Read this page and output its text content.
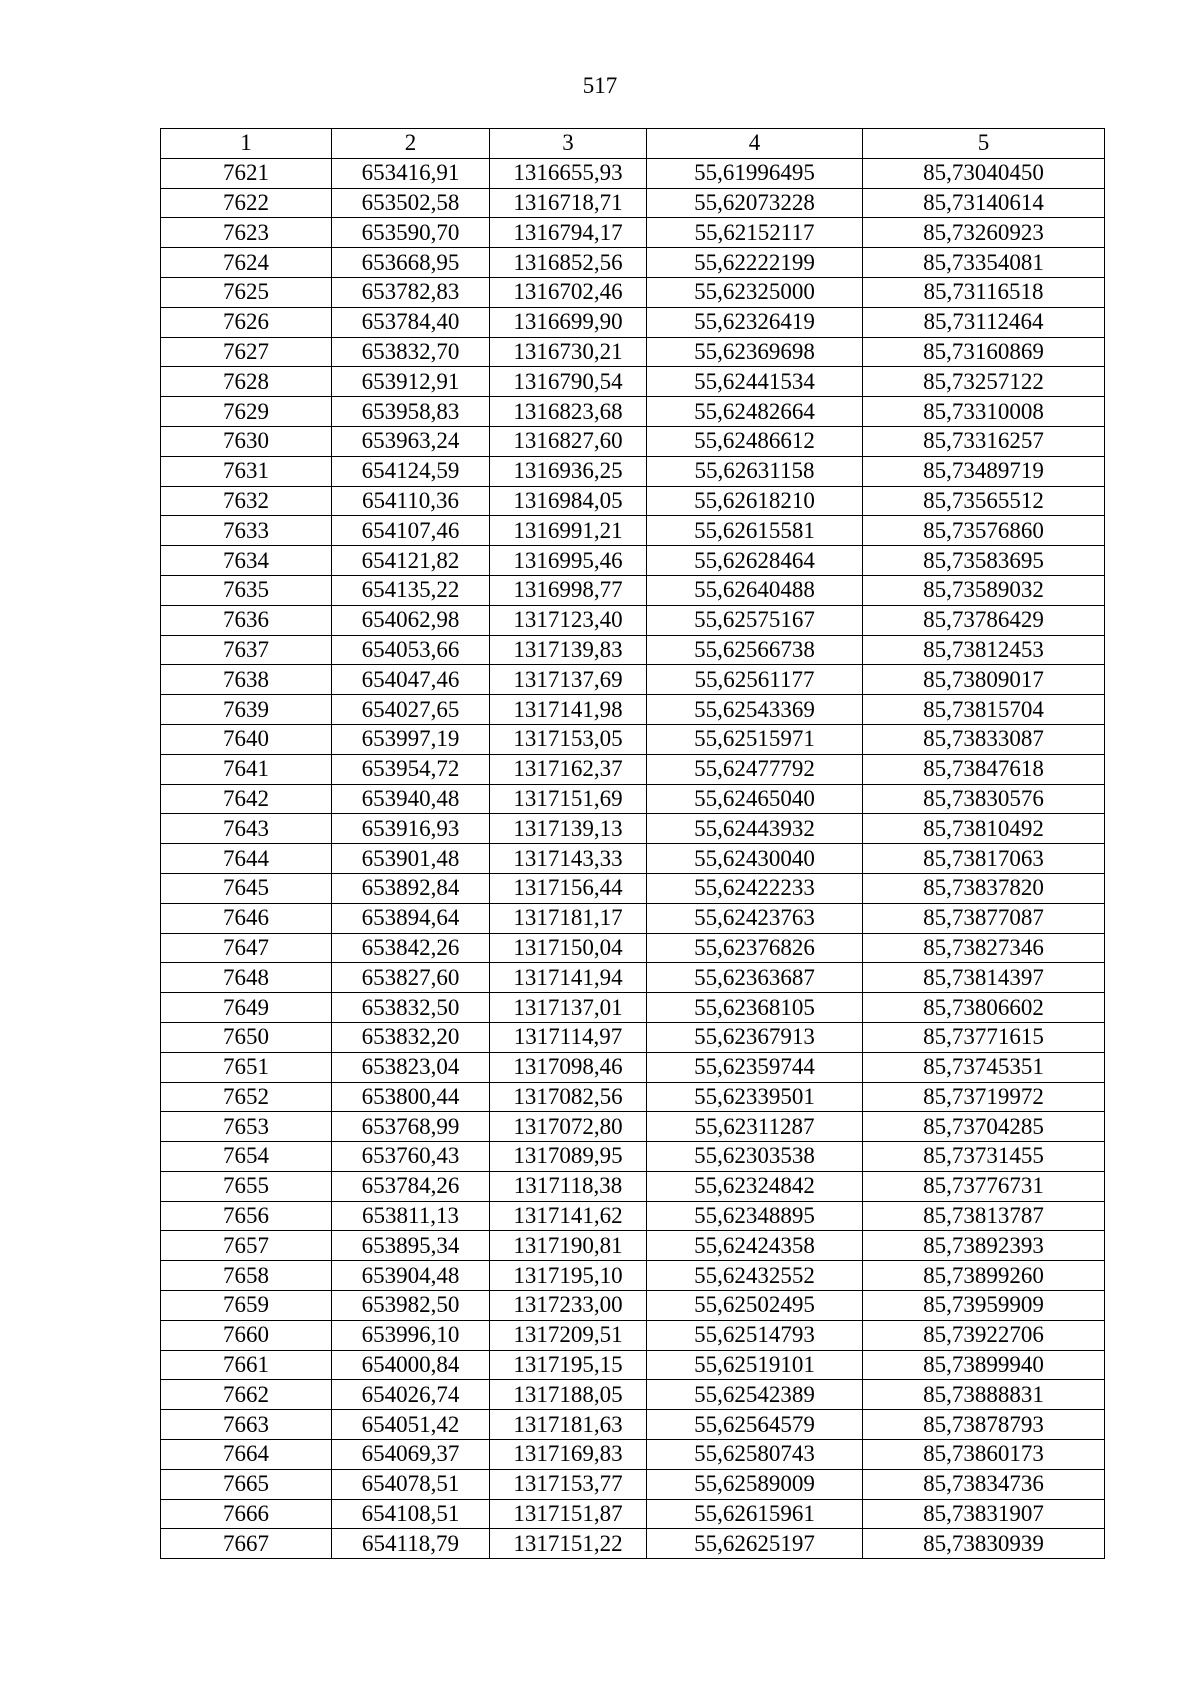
517
1	2	3	4	5
7621	653416,91	1316655,93	55,61996495	85,73040450
7622	653502,58	1316718,71	55,62073228	85,73140614
7623	653590,70	1316794,17	55,62152117	85,73260923
7624	653668,95	1316852,56	55,62222199	85,73354081
7625	653782,83	1316702,46	55,62325000	85,73116518
7626	653784,40	1316699,90	55,62326419	85,73112464
7627	653832,70	1316730,21	55,62369698	85,73160869
7628	653912,91	1316790,54	55,62441534	85,73257122
7629	653958,83	1316823,68	55,62482664	85,73310008
7630	653963,24	1316827,60	55,62486612	85,73316257
7631	654124,59	1316936,25	55,62631158	85,73489719
7632	654110,36	1316984,05	55,62618210	85,73565512
7633	654107,46	1316991,21	55,62615581	85,73576860
7634	654121,82	1316995,46	55,62628464	85,73583695
7635	654135,22	1316998,77	55,62640488	85,73589032
7636	654062,98	1317123,40	55,62575167	85,73786429
7637	654053,66	1317139,83	55,62566738	85,73812453
7638	654047,46	1317137,69	55,62561177	85,73809017
7639	654027,65	1317141,98	55,62543369	85,73815704
7640	653997,19	1317153,05	55,62515971	85,73833087
7641	653954,72	1317162,37	55,62477792	85,73847618
7642	653940,48	1317151,69	55,62465040	85,73830576
7643	653916,93	1317139,13	55,62443932	85,73810492
7644	653901,48	1317143,33	55,62430040	85,73817063
7645	653892,84	1317156,44	55,62422233	85,73837820
7646	653894,64	1317181,17	55,62423763	85,73877087
7647	653842,26	1317150,04	55,62376826	85,73827346
7648	653827,60	1317141,94	55,62363687	85,73814397
7649	653832,50	1317137,01	55,62368105	85,73806602
7650	653832,20	1317114,97	55,62367913	85,73771615
7651	653823,04	1317098,46	55,62359744	85,73745351
7652	653800,44	1317082,56	55,62339501	85,73719972
7653	653768,99	1317072,80	55,62311287	85,73704285
7654	653760,43	1317089,95	55,62303538	85,73731455
7655	653784,26	1317118,38	55,62324842	85,73776731
7656	653811,13	1317141,62	55,62348895	85,73813787
7657	653895,34	1317190,81	55,62424358	85,73892393
7658	653904,48	1317195,10	55,62432552	85,73899260
7659	653982,50	1317233,00	55,62502495	85,73959909
7660	653996,10	1317209,51	55,62514793	85,73922706
7661	654000,84	1317195,15	55,62519101	85,73899940
7662	654026,74	1317188,05	55,62542389	85,73888831
7663	654051,42	1317181,63	55,62564579	85,73878793
7664	654069,37	1317169,83	55,62580743	85,73860173
7665	654078,51	1317153,77	55,62589009	85,73834736
7666	654108,51	1317151,87	55,62615961	85,73831907
7667	654118,79	1317151,22	55,62625197	85,73830939
